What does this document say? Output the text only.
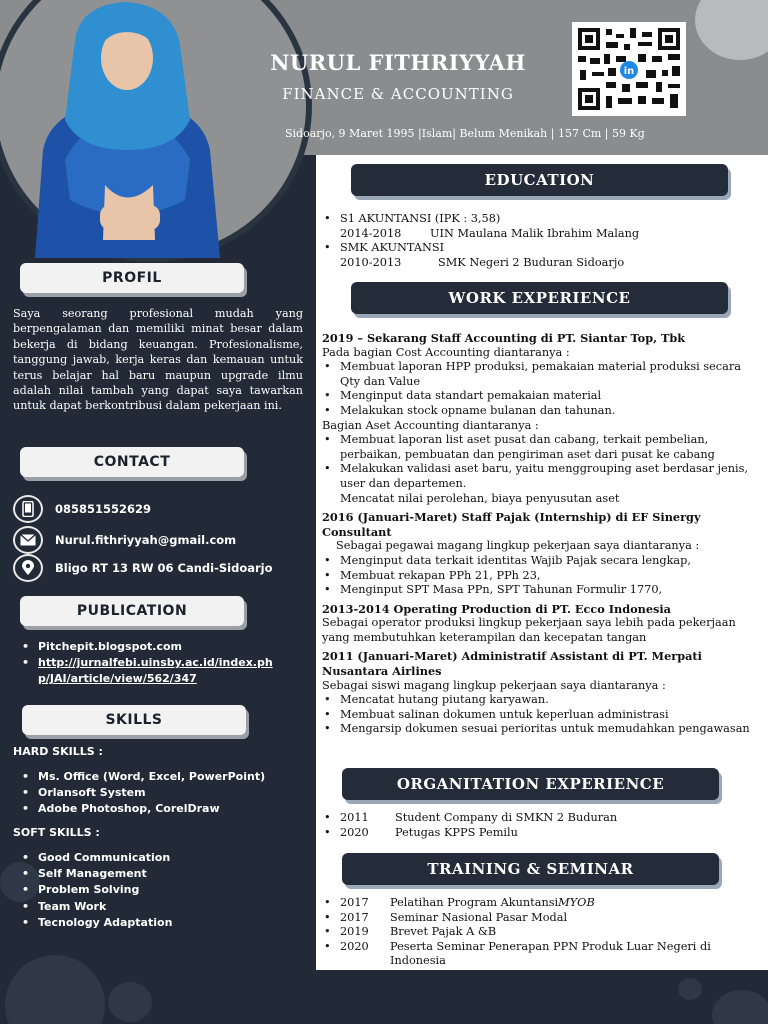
NURUL FITHRIYYAH
FINANCE & ACCOUNTING
Sidoarjo, 9 Maret 1995 |Islam| Belum Menikah | 157 Cm | 59 Kg
in
PROFIL
Saya seorang profesional mudah yang berpengalaman dan memiliki minat besar dalam bekerja di bidang keuangan. Profesionalisme, tanggung jawab, kerja keras dan kemauan untuk terus belajar hal baru maupun upgrade ilmu adalah nilai tambah yang dapat saya tawarkan untuk dapat berkontribusi dalam pekerjaan ini.
CONTACT
085851552629
Nurul.fithriyyah@gmail.com
Bligo RT 13 RW 06 Candi-Sidoarjo
PUBLICATION
• Pitchepit.blogspot.com
• http://jurnalfebi.uinsby.ac.id/index.ph
p/JAI/article/view/562/347
SKILLS
HARD SKILLS :
• Ms. Office (Word, Excel, PowerPoint)
• Orlansoft System
• Adobe Photoshop, CorelDraw
SOFT SKILLS :
• Good Communication
• Self Management
• Problem Solving
• Team Work
• Tecnology Adaptation
EDUCATION
• S1 AKUNTANSI (IPK : 3,58)
2014-2018	UIN Maulana Malik Ibrahim Malang
• SMK AKUNTANSI
2010-2013	SMK Negeri 2 Buduran Sidoarjo
WORK EXPERIENCE
2019 – Sekarang Staff Accounting di PT. Siantar Top, Tbk
Pada bagian Cost Accounting diantaranya :
• Membuat laporan HPP produksi, pemakaian material produksi secara Qty dan Value
• Menginput data standart pemakaian material
• Melakukan stock opname bulanan dan tahunan.
Bagian Aset Accounting diantaranya :
• Membuat laporan list aset pusat dan cabang, terkait pembelian, perbaikan, pembuatan dan pengiriman aset dari pusat ke cabang
• Melakukan validasi aset baru, yaitu menggrouping aset berdasar jenis, user dan departemen.
Mencatat nilai perolehan, biaya penyusutan aset
2016 (Januari-Maret) Staff Pajak (Internship) di EF Sinergy Consultant
Sebagai pegawai magang lingkup pekerjaan saya diantaranya :
• Menginput data terkait identitas Wajib Pajak secara lengkap,
• Membuat rekapan PPh 21, PPh 23,
• Menginput SPT Masa PPn, SPT Tahunan Formulir 1770,
2013-2014 Operating Production di PT. Ecco Indonesia
Sebagai operator produksi lingkup pekerjaan saya lebih pada pekerjaan yang membutuhkan keterampilan dan kecepatan tangan
2011 (Januari-Maret) Administratif Assistant di PT. Merpati Nusantara Airlines
Sebagai siswi magang lingkup pekerjaan saya diantaranya :
• Mencatat hutang piutang karyawan.
• Membuat salinan dokumen untuk keperluan administrasi
• Mengarsip dokumen sesuai perioritas untuk memudahkan pengawasan
ORGANITATION EXPERIENCE
• 2011 Student Company di SMKN 2 Buduran
• 2020 Petugas KPPS Pemilu
TRAINING & SEMINAR
• 2017 Pelatihan Program AkuntansiMYOB
• 2017 Seminar Nasional Pasar Modal
• 2019 Brevet Pajak A &B
• 2020	Peserta Seminar Penerapan PPN Produk Luar Negeri di Indonesia
